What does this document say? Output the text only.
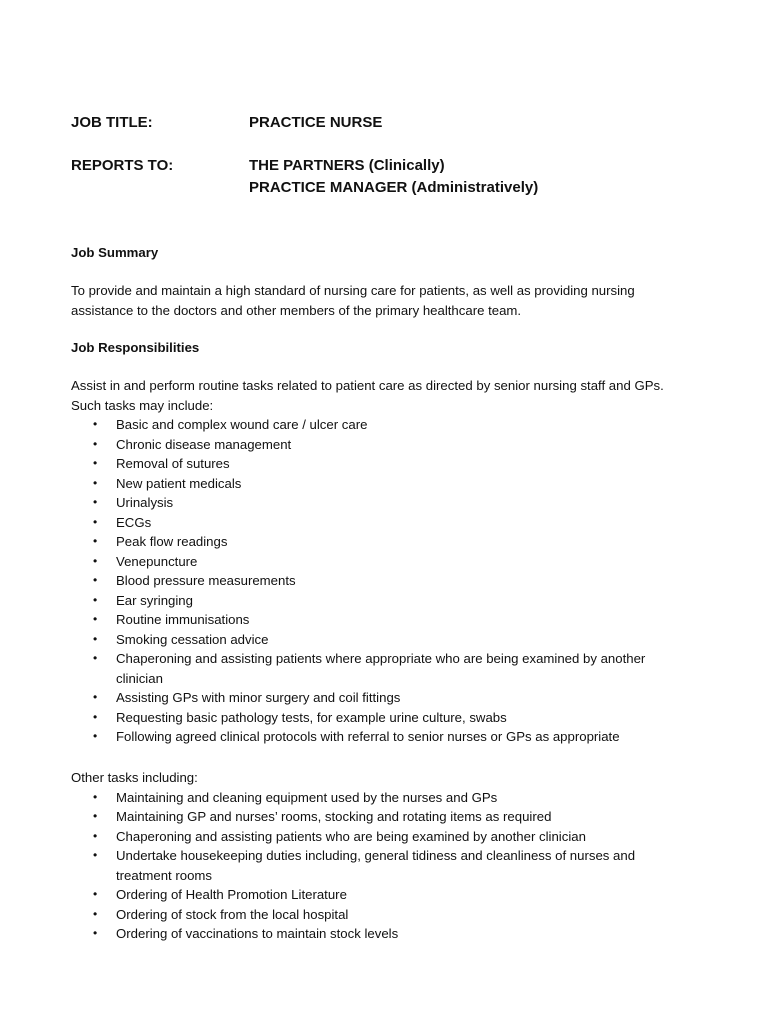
JOB TITLE:	PRACTICE NURSE
REPORTS TO:	THE PARTNERS (Clinically)
PRACTICE MANAGER (Administratively)
Job Summary
To provide and maintain a high standard of nursing care for patients, as well as providing nursing
assistance to the doctors and other members of the primary healthcare team.
Job Responsibilities
Assist in and perform routine tasks related to patient care as directed by senior nursing staff and GPs.
Such tasks may include:
• Basic and complex wound care / ulcer care
• Chronic disease management
• Removal of sutures
• New patient medicals
• Urinalysis
• ECGs
• Peak flow readings
• Venepuncture
• Blood pressure measurements
• Ear syringing
• Routine immunisations
• Smoking cessation advice
• Chaperoning and assisting patients where appropriate who are being examined by another
clinician
• Assisting GPs with minor surgery and coil fittings
• Requesting basic pathology tests, for example urine culture, swabs
• Following agreed clinical protocols with referral to senior nurses or GPs as appropriate
Other tasks including:
• Maintaining and cleaning equipment used by the nurses and GPs
• Maintaining GP and nurses’ rooms, stocking and rotating items as required
• Chaperoning and assisting patients who are being examined by another clinician
• Undertake housekeeping duties including, general tidiness and cleanliness of nurses and
treatment rooms
• Ordering of Health Promotion Literature
• Ordering of stock from the local hospital
• Ordering of vaccinations to maintain stock levels
